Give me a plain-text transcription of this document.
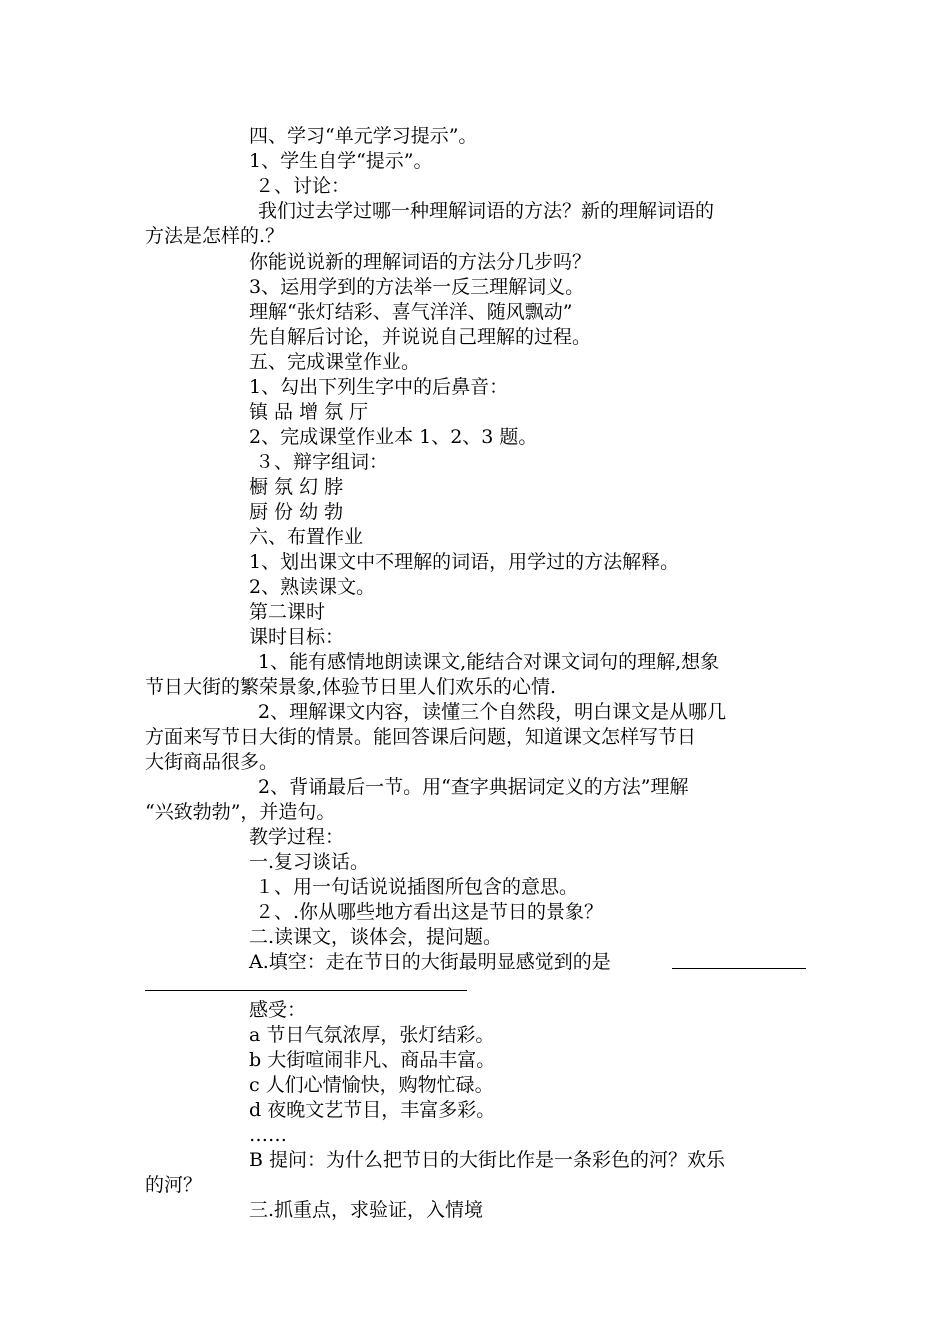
四、学习“单元学习提示”。
1、学生自学“提示”。
２、讨论：
我们过去学过哪一种理解词语的方法？新的理解词语的
方法是怎样的.？
你能说说新的理解词语的方法分几步吗？
3、运用学到的方法举一反三理解词义。
理解“张灯结彩、喜气洋洋、随风飘动”
先自解后讨论，并说说自己理解的过程。
五、完成课堂作业。
1、勾出下列生字中的后鼻音：
镇 品 增 氛 厅
2、完成课堂作业本 1、2、3 题。
３、辩字组词：
橱 氛 幻 脖
厨 份 幼 勃
六、布置作业
1、划出课文中不理解的词语，用学过的方法解释。
2、熟读课文。
第二课时
课时目标：
1、能有感情地朗读课文,能结合对课文词句的理解,想象
节日大街的繁荣景象,体验节日里人们欢乐的心情.
2、理解课文内容，读懂三个自然段，明白课文是从哪几
方面来写节日大街的情景。能回答课后问题，知道课文怎样写节日
大街商品很多。
2、背诵最后一节。用“查字典据词定义的方法”理解
“兴致勃勃”，并造句。
教学过程：
一.复习谈话。
１、用一句话说说插图所包含的意思。
２、.你从哪些地方看出这是节日的景象？
二.读课文，谈体会，提问题。
A.填空：走在节日的大街最明显感觉到的是
感受：
a 节日气氛浓厚，张灯结彩。
b 大街喧闹非凡、商品丰富。
c 人们心情愉快，购物忙碌。
d 夜晚文艺节目，丰富多彩。
……
B 提问：为什么把节日的大街比作是一条彩色的河？欢乐
的河？
三.抓重点，求验证，入情境
